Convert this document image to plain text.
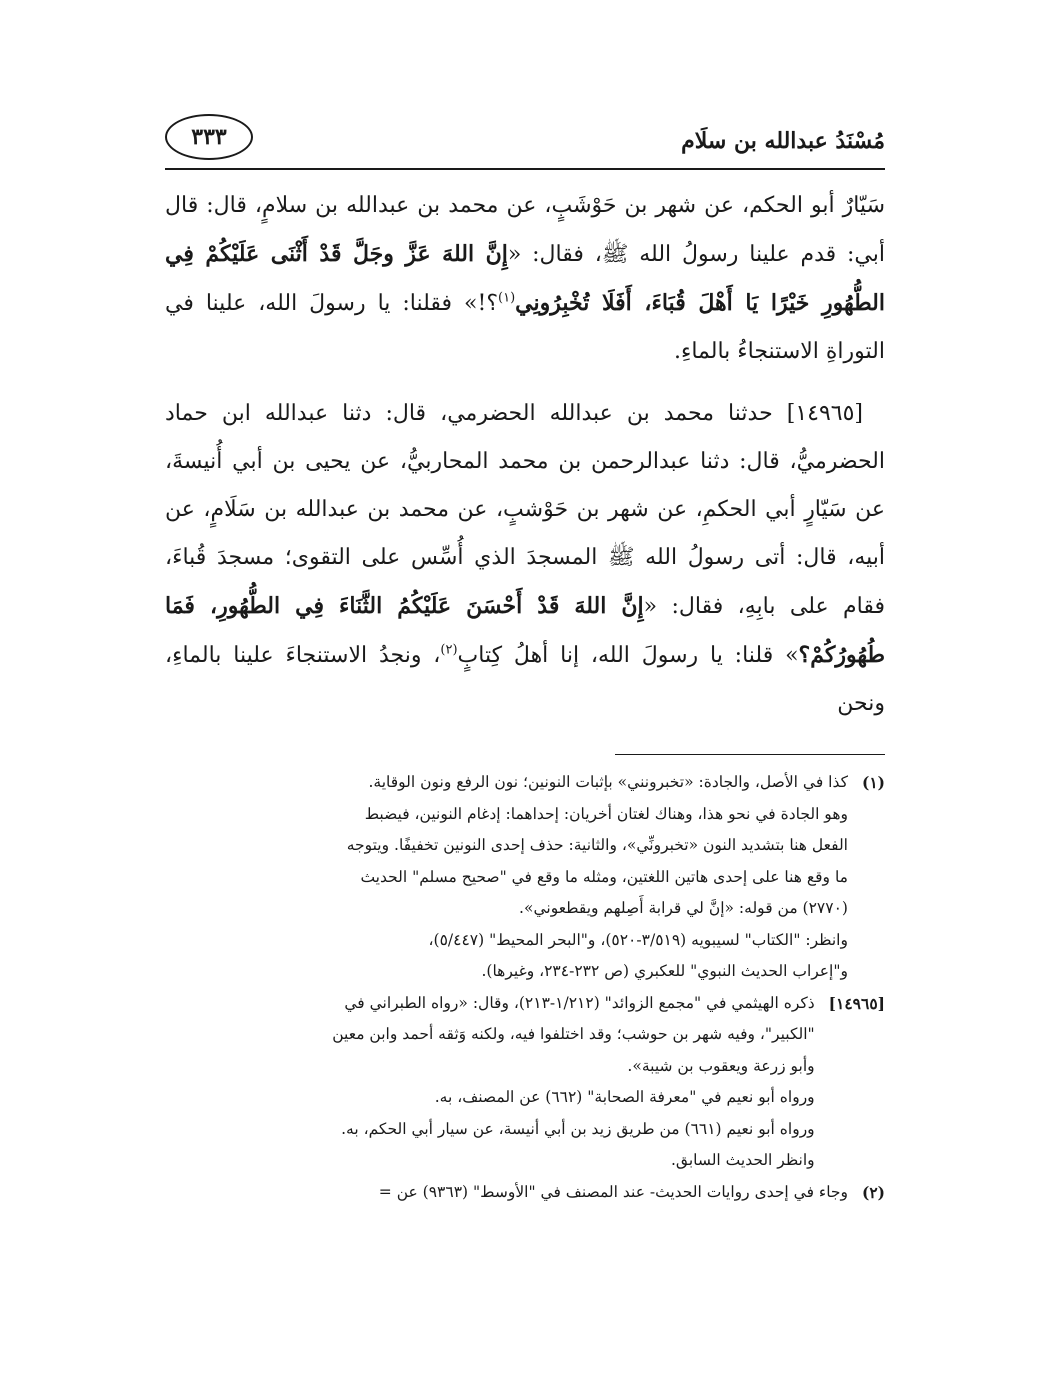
مُسْنَدُ عبدالله بن سلَام
٣٣٣

سَيّارٌ أبو الحكم، عن شهر بن حَوْشَبٍ، عن محمد بن عبدالله بن سلامٍ، قال: قال أبي: قدم علينا رسولُ الله ﷺ، فقال: «إِنَّ اللهَ عَزَّ وجَلَّ قَدْ أَثْنَى عَلَيْكُمْ فِي الطُّهُورِ خَيْرًا يَا أَهْلَ قُبَاءَ، أَفَلَا تُخْبِرُونِي$^{(١)}$؟!» فقلنا: يا رسولَ الله، علينا في التوراةِ الاستنجاءُ بالماءِ.

 [١٤٩٦٥] حدثنا محمد بن عبدالله الحضرمي، قال: دثنا عبدالله ابن حماد الحضرميُّ، قال: دثنا عبدالرحمن بن محمد المحاربيُّ، عن يحيى بن أبي أُنيسةَ، عن سَيّارٍ أبي الحكمِ، عن شهر بن حَوْشبٍ، عن محمد بن عبدالله بن سَلَامٍ، عن أبيه، قال: أتى رسولُ الله ﷺ المسجدَ الذي أُسِّس على التقوى؛ مسجدَ قُباءَ، فقام على بابِهِ، فقال: «إِنَّ اللهَ قَدْ أَحْسَنَ عَلَيْكُمُ الثَّنَاءَ فِي الطُّهُورِ، فَمَا طُهُورُكُمْ؟» قلنا: يا رسولَ الله، إنا أهلُ كِتابٍ$^{(٢)}$، ونجدُ الاستنجاءَ علينا بالماءِ، ونحن

(١)
كذا في الأصل، والجادة: «تخبرونني» بإثبات النونين؛ نون الرفع ونون الوقاية.
وهو الجادة في نحو هذا، وهناك لغتان أخريان: إحداهما: إدغام النونين، فيضبط
الفعل هنا بتشديد النون «تخبرونِّي»، والثانية: حذف إحدى النونين تخفيفًا. ويتوجه
ما وقع هنا على إحدى هاتين اللغتين، ومثله ما وقع في "صحيح مسلم" الحديث
(٢٧٧٠) من قوله: «إنَّ لي قرابة أَصِلهم ويقطعوني».
وانظر: "الكتاب" لسيبويه (٣/٥١٩-٥٢٠)، و"البحر المحيط" (٥/٤٤٧)،
و"إعراب الحديث النبوي" للعكبري (ص ٢٣٢-٢٣٤، وغيرها).
[١٤٩٦٥]
ذكره الهيثمي في "مجمع الزوائد" (١/٢١٢-٢١٣)، وقال: «رواه الطبراني في
"الكبير"، وفيه شهر بن حوشب؛ وقد اختلفوا فيه، ولكنه وَثقه أحمد وابن معين
وأبو زرعة ويعقوب بن شيبة».
ورواه أبو نعيم في "معرفة الصحابة" (٦٦٢) عن المصنف، به.
ورواه أبو نعيم (٦٦١) من طريق زيد بن أبي أنيسة، عن سيار أبي الحكم، به.
وانظر الحديث السابق.
(٢)
وجاء في إحدى روايات الحديث- عند المصنف في "الأوسط" (٩٣٦٣) عن =
